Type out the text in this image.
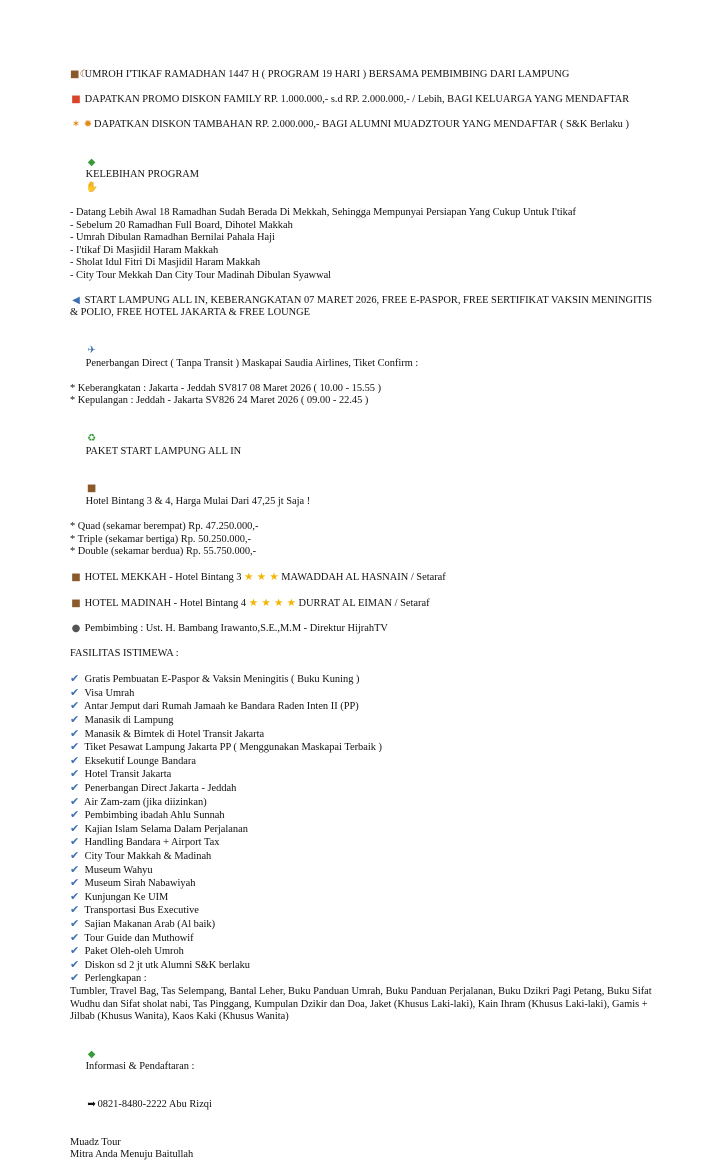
■☾ UMROH I'TIKAF RAMADHAN 1447 H ( PROGRAM 19 HARI ) BERSAMA PEMBIMBING DARI LAMPUNG
■ DAPATKAN PROMO DISKON FAMILY RP. 1.000.000,- s.d RP. 2.000.000,- / Lebih, BAGI KELUARGA YANG MENDAFTAR
✶ ✹ DAPATKAN DISKON TAMBAHAN RP. 2.000.000,- BAGI ALUMNI MUADZTOUR YANG MENDAFTAR ( S&K Berlaku )

◆
KELEBIHAN PROGRAM
✋

- Datang Lebih Awal 18 Ramadhan Sudah Berada Di Mekkah, Sehingga Mempunyai Persiapan Yang Cukup Untuk I'tikaf
- Sebelum 20 Ramadhan Full Board, Dihotel Makkah
- Umrah Dibulan Ramadhan Bernilai Pahala Haji
- I'tikaf Di Masjidil Haram Makkah
- Sholat Idul Fitri Di Masjidil Haram Makkah
- City Tour Mekkah Dan City Tour Madinah Dibulan Syawwal
◀ START LAMPUNG ALL IN, KEBERANGKATAN 07 MARET 2026, FREE E-PASPOR, FREE SERTIFIKAT VAKSIN MENINGITIS & POLIO, FREE HOTEL JAKARTA & FREE LOUNGE

✈
Penerbangan Direct ( Tanpa Transit ) Maskapai Saudia Airlines, Tiket Confirm :

* Keberangkatan : Jakarta - Jeddah SV817 08 Maret 2026 ( 10.00 - 15.55 )
* Kepulangan : Jeddah - Jakarta SV826 24 Maret 2026 ( 09.00 - 22.45 )

♻
PAKET START LAMPUNG ALL IN

■
Hotel Bintang 3 & 4, Harga Mulai Dari 47,25 jt Saja !

* Quad (sekamar berempat) Rp. 47.250.000,-
* Triple (sekamar bertiga) Rp. 50.250.000,-
* Double (sekamar berdua) Rp. 55.750.000,-
■ HOTEL MEKKAH - Hotel Bintang 3 ★ ★ ★ MAWADDAH AL HASNAIN / Setaraf
■ HOTEL MADINAH - Hotel Bintang 4 ★ ★ ★ ★ DURRAT AL EIMAN / Setaraf
● Pembimbing : Ust. H. Bambang Irawanto,S.E.,M.M - Direktur HijrahTV
FASILITAS ISTIMEWA :
✔ Gratis Pembuatan E-Paspor & Vaksin Meningitis ( Buku Kuning )
✔ Visa Umrah
✔ Antar Jemput dari Rumah Jamaah ke Bandara Raden Inten II (PP)
✔ Manasik di Lampung
✔ Manasik & Bimtek di Hotel Transit Jakarta
✔ Tiket Pesawat Lampung Jakarta PP ( Menggunakan Maskapai Terbaik )
✔ Eksekutif Lounge Bandara
✔ Hotel Transit Jakarta
✔ Penerbangan Direct Jakarta - Jeddah
✔ Air Zam-zam (jika diizinkan)
✔ Pembimbing ibadah Ahlu Sunnah
✔ Kajian Islam Selama Dalam Perjalanan
✔ Handling Bandara + Airport Tax
✔ City Tour Makkah & Madinah
✔ Museum Wahyu
✔ Museum Sirah Nabawiyah
✔ Kunjungan Ke UIM
✔ Transportasi Bus Executive
✔ Sajian Makanan Arab (Al baik)
✔ Tour Guide dan Muthowif
✔ Paket Oleh-oleh Umroh
✔ Diskon sd 2 jt utk Alumni S&K berlaku
✔ Perlengkapan :
Tumbler, Travel Bag, Tas Selempang, Bantal Leher, Buku Panduan Umrah, Buku Panduan Perjalanan, Buku Dzikri Pagi Petang, Buku Sifat Wudhu dan Sifat sholat nabi, Tas Pinggang, Kumpulan Dzikir dan Doa, Jaket (Khusus Laki-laki), Kain Ihram (Khusus Laki-laki), Gamis + Jilbab (Khusus Wanita), Kaos Kaki (Khusus Wanita)

◆
Informasi & Pendaftaran :

➡ 0821-8480-2222 Abu Rizqi

Muadz Tour
Mitra Anda Menuju Baitullah
